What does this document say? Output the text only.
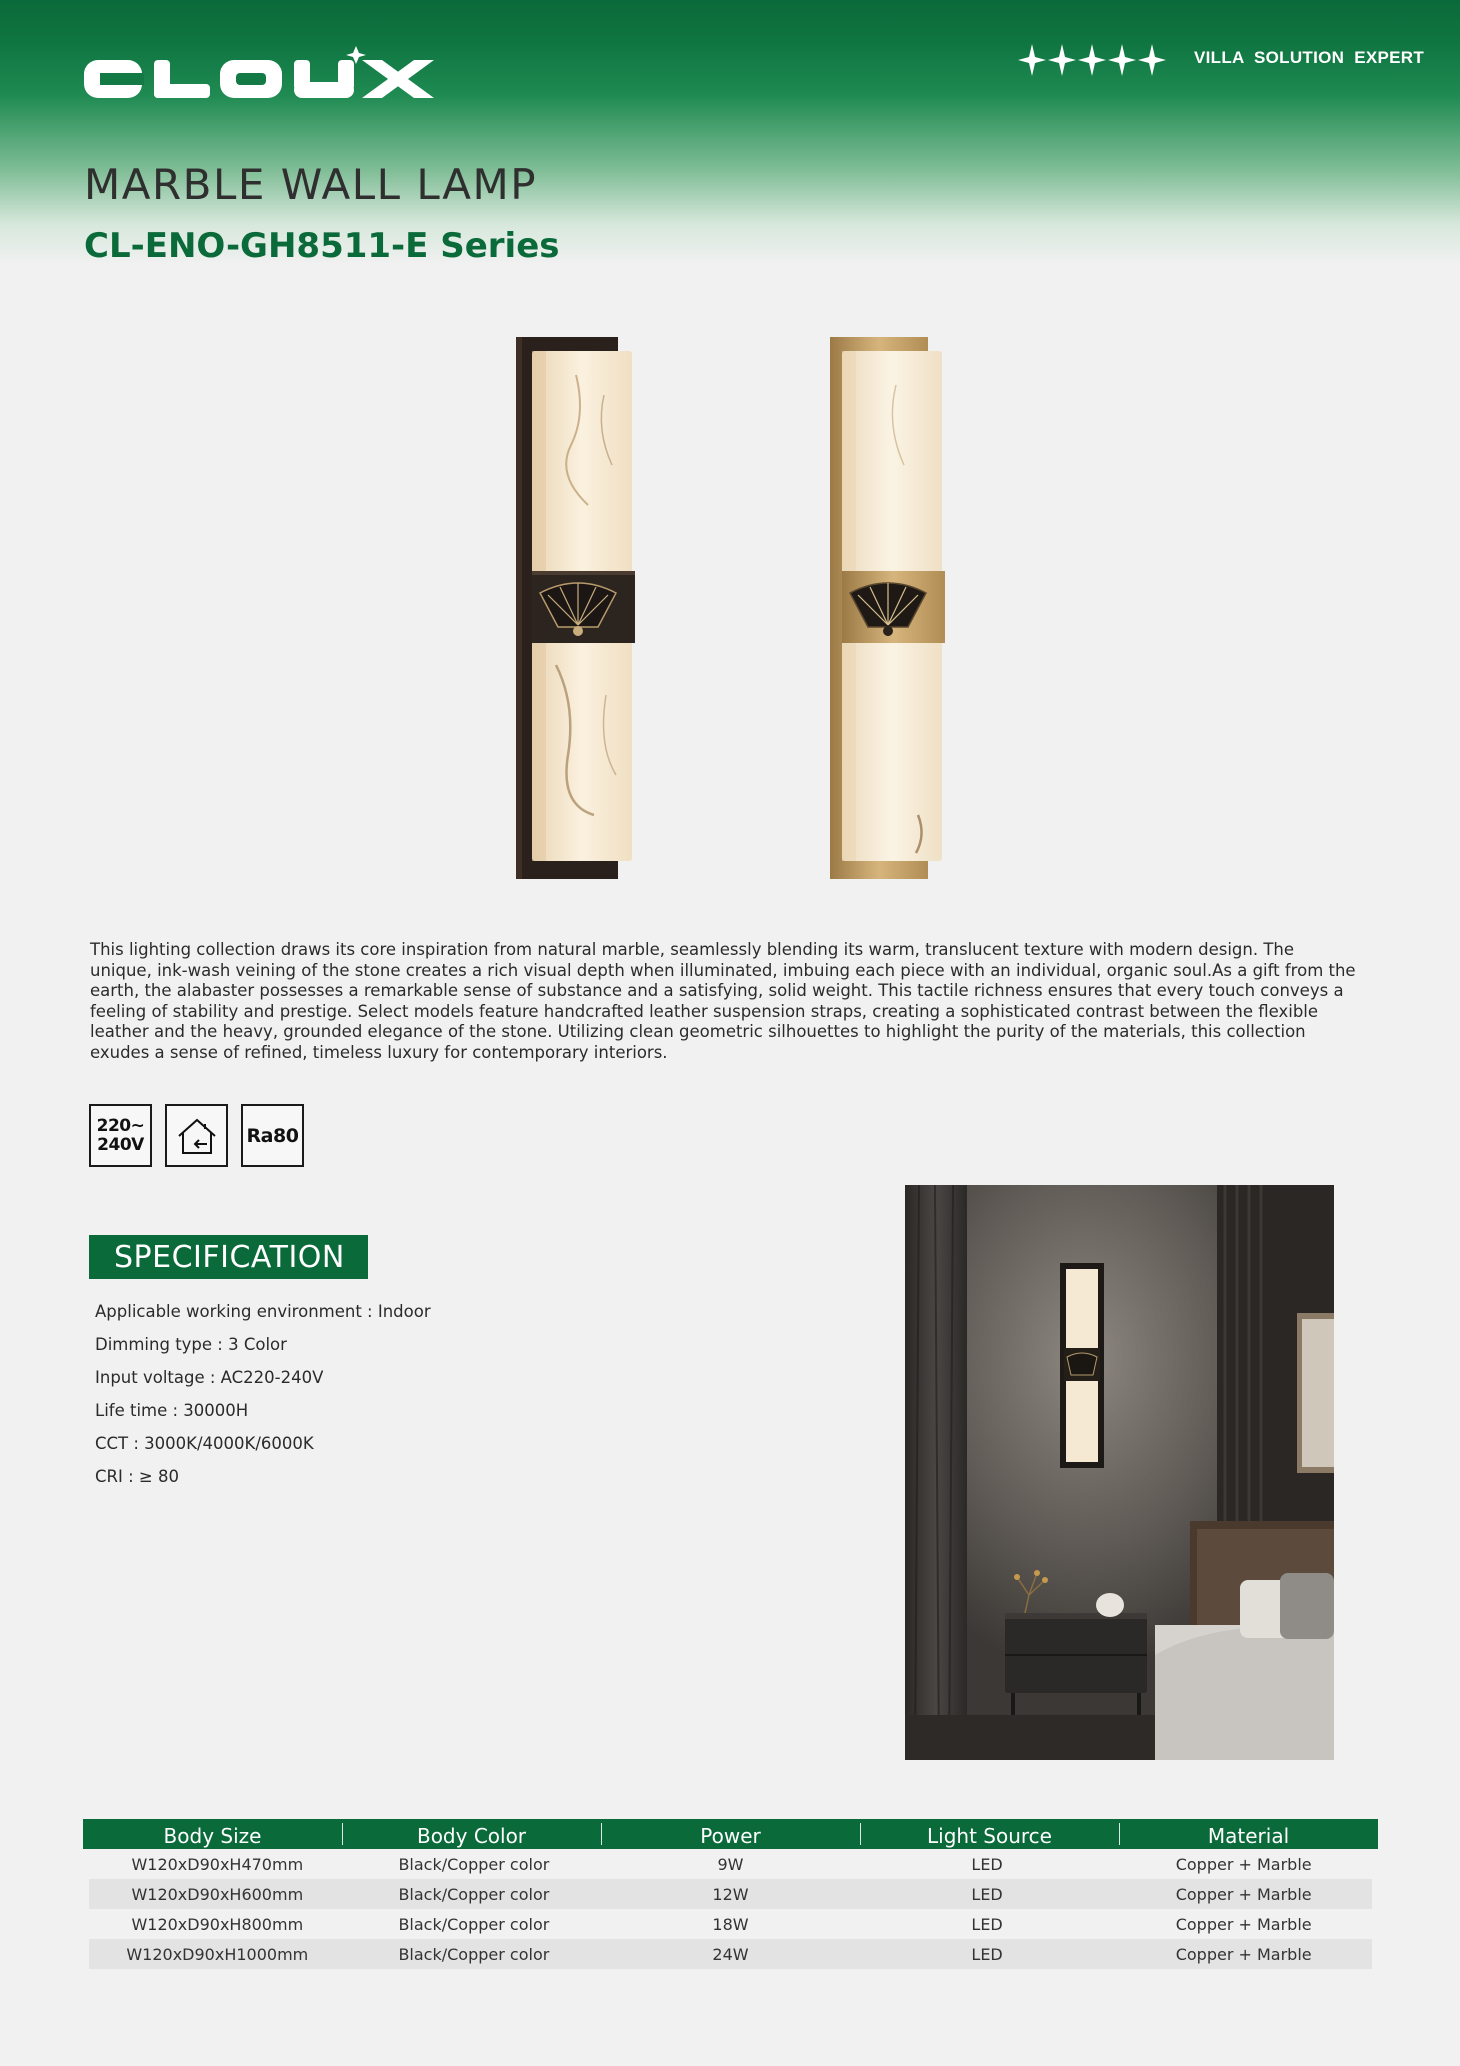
VILLA SOLUTION EXPERT
MARBLE WALL LAMP
CL-ENO-GH8511-E Series

This lighting collection draws its core inspiration from natural marble, seamlessly blending its warm, translucent texture with modern design. The unique, ink-wash veining of the stone creates a rich visual depth when illuminated, imbuing each piece with an individual, organic soul.As a gift from the earth, the alabaster possesses a remarkable sense of substance and a satisfying, solid weight. This tactile richness ensures that every touch conveys a feeling of stability and prestige. Select models feature handcrafted leather suspension straps, creating a sophisticated contrast between the flexible leather and the heavy, grounded elegance of the stone. Utilizing clean geometric silhouettes to highlight the purity of the materials, this collection exudes a sense of refined, timeless luxury for contemporary interiors.

220~
240V	Ra80
SPECIFICATION
Applicable working environment : Indoor
Dimming type : 3 Color
Input voltage : AC220-240V
Life time : 30000H
CCT : 3000K/4000K/6000K
CRI : ≥ 80
Body Size	Body Color	Power	Light Source	Material
W120xD90xH470mm	Black/Copper color	9W	LED	Copper + Marble
W120xD90xH600mm	Black/Copper color	12W	LED	Copper + Marble
W120xD90xH800mm	Black/Copper color	18W	LED	Copper + Marble
W120xD90xH1000mm	Black/Copper color	24W	LED	Copper + Marble
